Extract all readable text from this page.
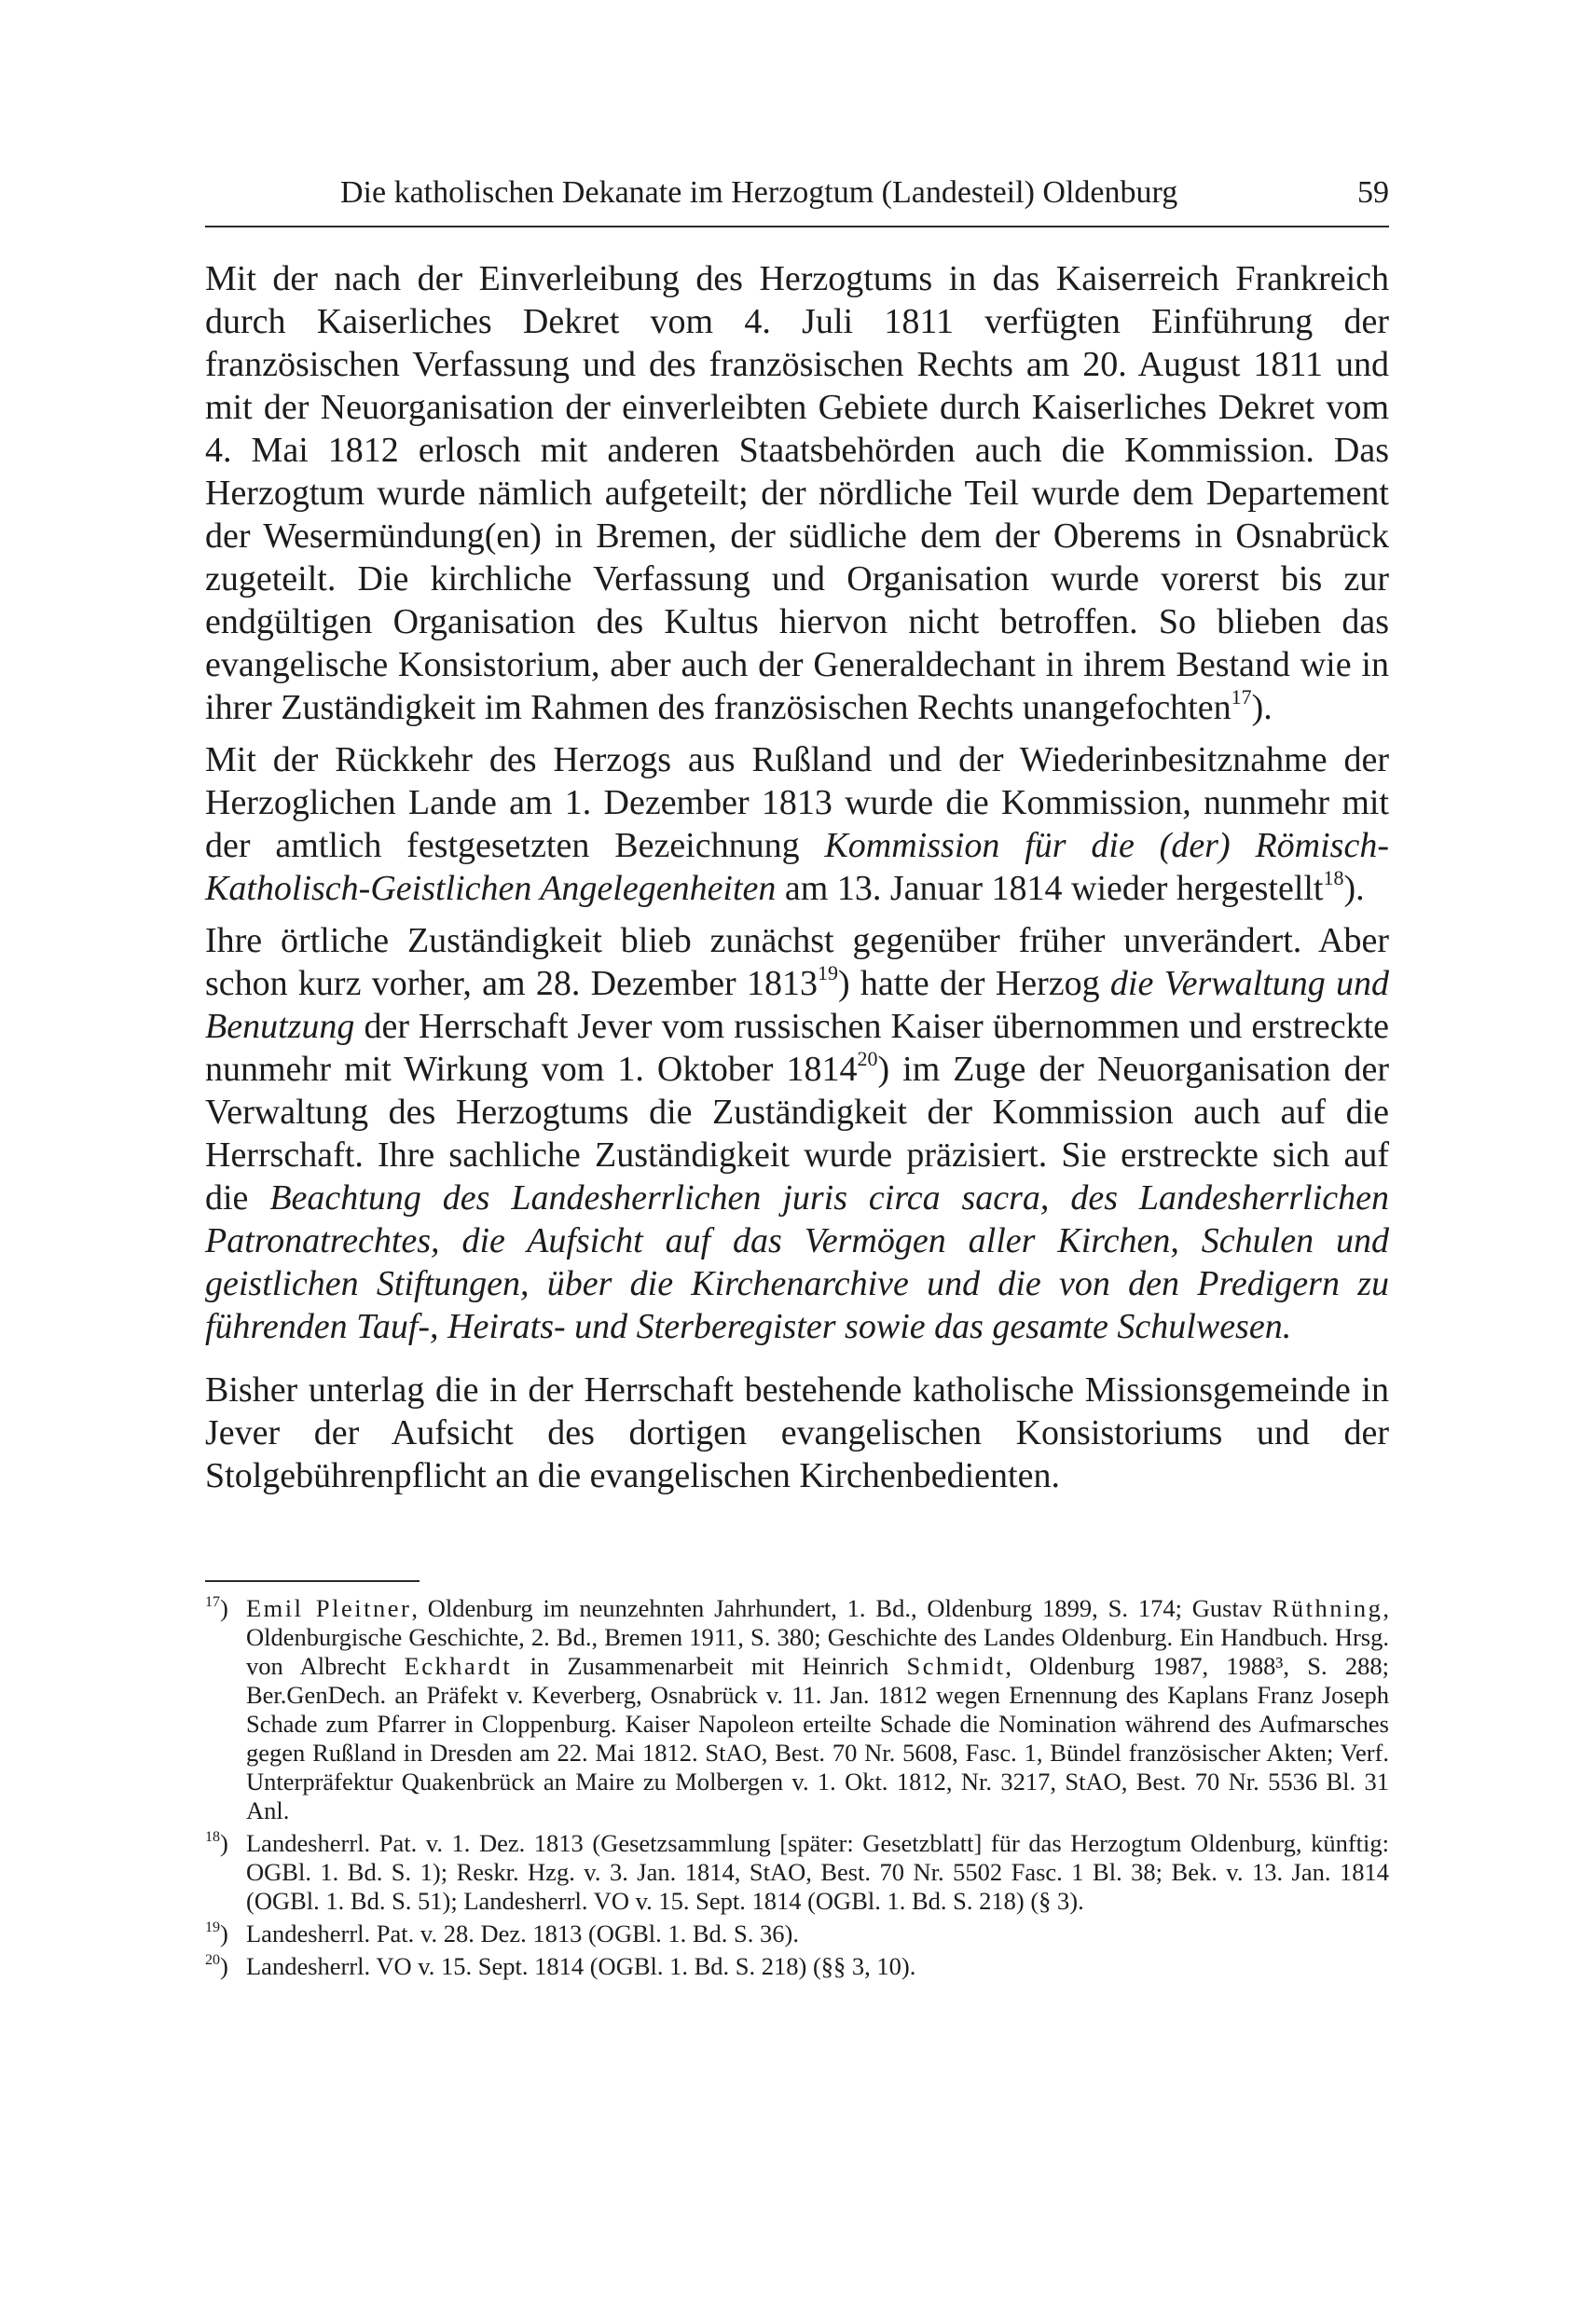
Die katholischen Dekanate im Herzogtum (Landesteil) Oldenburg	59

Mit der nach der Einverleibung des Herzogtums in das Kaiserreich Frankreich durch Kaiserliches Dekret vom 4. Juli 1811 verfügten Einführung der französischen Verfassung und des französischen Rechts am 20. August 1811 und mit der Neuorganisation der einverleibten Gebiete durch Kaiserliches Dekret vom 4. Mai 1812 erlosch mit anderen Staatsbehörden auch die Kommission. Das Herzogtum wurde nämlich aufgeteilt; der nördliche Teil wurde dem Departement der Wesermündung(en) in Bremen, der südliche dem der Oberems in Osnabrück zugeteilt. Die kirchliche Verfassung und Organisation wurde vorerst bis zur endgültigen Organisation des Kultus hiervon nicht betroffen. So blieben das evangelische Konsistorium, aber auch der Generaldechant in ihrem Bestand wie in ihrer Zuständigkeit im Rahmen des französischen Rechts unangefochten$^{17}$).

Mit der Rückkehr des Herzogs aus Rußland und der Wiederinbesitznahme der Herzoglichen Lande am 1. Dezember 1813 wurde die Kommission, nunmehr mit der amtlich festgesetzten Bezeichnung Kommission für die (der) Römisch-Katholisch-Geistlichen Angelegenheiten am 13. Januar 1814 wieder hergestellt$^{18}$).

Ihre örtliche Zuständigkeit blieb zunächst gegenüber früher unverändert. Aber schon kurz vorher, am 28. Dezember 1813$^{19}$) hatte der Herzog die Verwaltung und Benutzung der Herrschaft Jever vom russischen Kaiser übernommen und erstreckte nunmehr mit Wirkung vom 1. Oktober 1814$^{20}$) im Zuge der Neuorganisation der Verwaltung des Herzogtums die Zuständigkeit der Kommission auch auf die Herrschaft. Ihre sachliche Zuständigkeit wurde präzisiert. Sie erstreckte sich auf die Beachtung des Landesherrlichen juris circa sacra, des Landesherrlichen Patronatrechtes, die Aufsicht auf das Vermögen aller Kirchen, Schulen und geistlichen Stiftungen, über die Kirchenarchive und die von den Predigern zu führenden Tauf-, Heirats- und Sterberegister sowie das gesamte Schulwesen.

Bisher unterlag die in der Herrschaft bestehende katholische Missionsgemeinde in Jever der Aufsicht des dortigen evangelischen Konsistoriums und der Stolgebührenpflicht an die evangelischen Kirchenbedienten.

$^{17}$) Emil Pleitner, Oldenburg im neunzehnten Jahrhundert, 1. Bd., Oldenburg 1899, S. 174; Gustav Rüthning, Oldenburgische Geschichte, 2. Bd., Bremen 1911, S. 380; Geschichte des Landes Oldenburg. Ein Handbuch. Hrsg. von Albrecht Eckhardt in Zusammenarbeit mit Heinrich Schmidt, Oldenburg 1987, 1988³, S. 288; Ber.GenDech. an Präfekt v. Keverberg, Osnabrück v. 11. Jan. 1812 wegen Ernennung des Kaplans Franz Joseph Schade zum Pfarrer in Cloppenburg. Kaiser Napoleon erteilte Schade die Nomination während des Aufmarsches gegen Rußland in Dresden am 22. Mai 1812. StAO, Best. 70 Nr. 5608, Fasc. 1, Bündel französischer Akten; Verf. Unterpräfektur Quakenbrück an Maire zu Molbergen v. 1. Okt. 1812, Nr. 3217, StAO, Best. 70 Nr. 5536 Bl. 31 Anl.
$^{18}$) Landesherrl. Pat. v. 1. Dez. 1813 (Gesetzsammlung [später: Gesetzblatt] für das Herzogtum Oldenburg, künftig: OGBl. 1. Bd. S. 1); Reskr. Hzg. v. 3. Jan. 1814, StAO, Best. 70 Nr. 5502 Fasc. 1 Bl. 38; Bek. v. 13. Jan. 1814 (OGBl. 1. Bd. S. 51); Landesherrl. VO v. 15. Sept. 1814 (OGBl. 1. Bd. S. 218) (§ 3).
$^{19}$) Landesherrl. Pat. v. 28. Dez. 1813 (OGBl. 1. Bd. S. 36).
$^{20}$) Landesherrl. VO v. 15. Sept. 1814 (OGBl. 1. Bd. S. 218) (§§ 3, 10).
